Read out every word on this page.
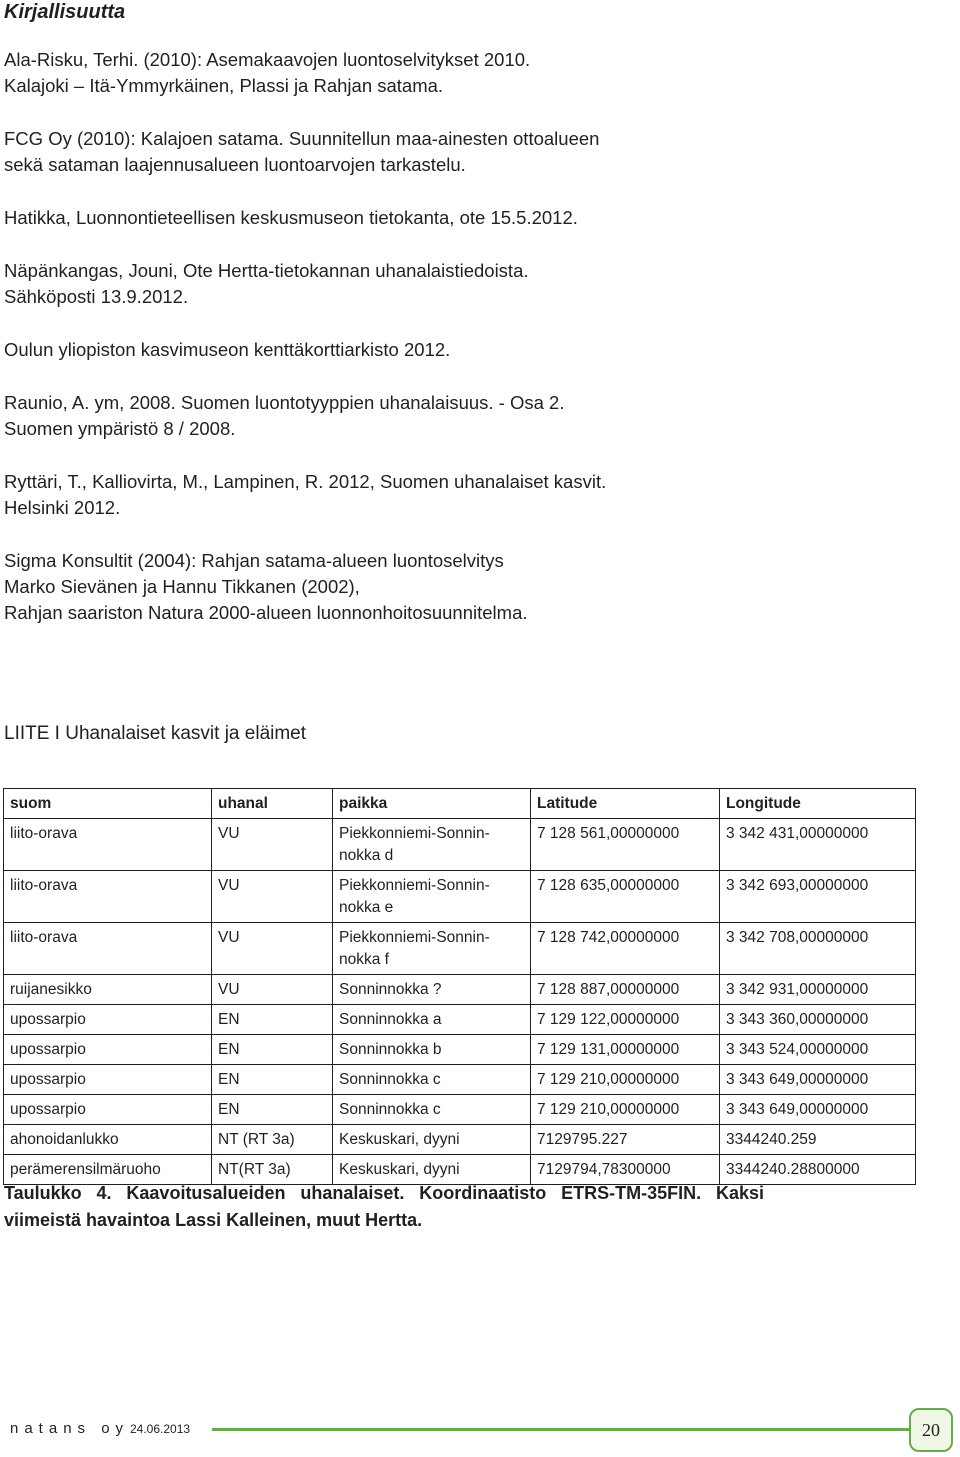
Kirjallisuutta
Ala-Risku, Terhi. (2010): Asemakaavojen luontoselvitykset 2010.
Kalajoki – Itä-Ymmyrkäinen, Plassi ja Rahjan satama.
FCG Oy (2010): Kalajoen satama. Suunnitellun maa-ainesten ottoalueen
sekä sataman laajennusalueen luontoarvojen tarkastelu.
Hatikka, Luonnontieteellisen keskusmuseon tietokanta, ote 15.5.2012.
Näpänkangas, Jouni, Ote Hertta-tietokannan uhanalaistiedoista.
Sähköposti 13.9.2012.
Oulun yliopiston kasvimuseon kenttäkorttiarkisto 2012.
Raunio, A. ym, 2008. Suomen luontotyyppien uhanalaisuus. - Osa 2.
Suomen ympäristö 8 / 2008.
Ryttäri, T., Kalliovirta, M., Lampinen, R. 2012, Suomen uhanalaiset kasvit.
Helsinki 2012.
Sigma Konsultit (2004): Rahjan satama-alueen luontoselvitys
Marko Sievänen ja Hannu Tikkanen (2002),
Rahjan saariston Natura 2000-alueen luonnonhoitosuunnitelma.
LIITE I Uhanalaiset kasvit ja eläimet
suom	uhanal	paikka	Latitude	Longitude
liito-orava	VU	Piekkonniemi-Sonnin-
nokka d	7 128 561,00000000	3 342 431,00000000
liito-orava	VU	Piekkonniemi-Sonnin-
nokka e	7 128 635,00000000	3 342 693,00000000
liito-orava	VU	Piekkonniemi-Sonnin-
nokka f	7 128 742,00000000	3 342 708,00000000
ruijanesikko	VU	Sonninnokka ?	7 128 887,00000000	3 342 931,00000000
upossarpio	EN	Sonninnokka a	7 129 122,00000000	3 343 360,00000000
upossarpio	EN	Sonninnokka b	7 129 131,00000000	3 343 524,00000000
upossarpio	EN	Sonninnokka c	7 129 210,00000000	3 343 649,00000000
upossarpio	EN	Sonninnokka c	7 129 210,00000000	3 343 649,00000000
ahonoidanlukko	NT (RT 3a)	Keskuskari, dyyni	7129795.227	3344240.259
perämerensilmäruoho	NT(RT 3a)	Keskuskari, dyyni	7129794,78300000	3344240.28800000
Taulukko 4. Kaavoitusalueiden uhanalaiset. Koordinaatisto ETRS-TM-35FIN. Kaksi viimeistä havaintoa Lassi Kalleinen, muut Hertta.
natans oy 24.06.2013	20
